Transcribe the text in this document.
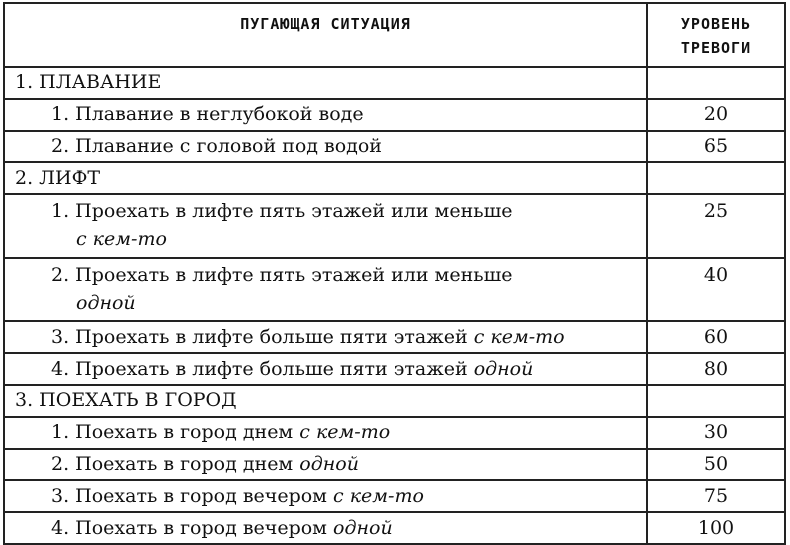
ПУГАЮЩАЯ СИТУАЦИЯ	УРОВЕНЬ ТРЕВОГИ
1. ПЛАВАНИЕ	
1. Плавание в неглубокой воде	20
2. Плавание с головой под водой	65
2. ЛИФТ	
1. Проехать в лифте пять этажей или меньше
с кем-то	25
2. Проехать в лифте пять этажей или меньше
одной	40
3. Проехать в лифте больше пяти этажей с кем-то	60
4. Проехать в лифте больше пяти этажей одной	80
3. ПОЕХАТЬ В ГОРОД	
1. Поехать в город днем с кем-то	30
2. Поехать в город днем одной	50
3. Поехать в город вечером с кем-то	75
4. Поехать в город вечером одной	100
